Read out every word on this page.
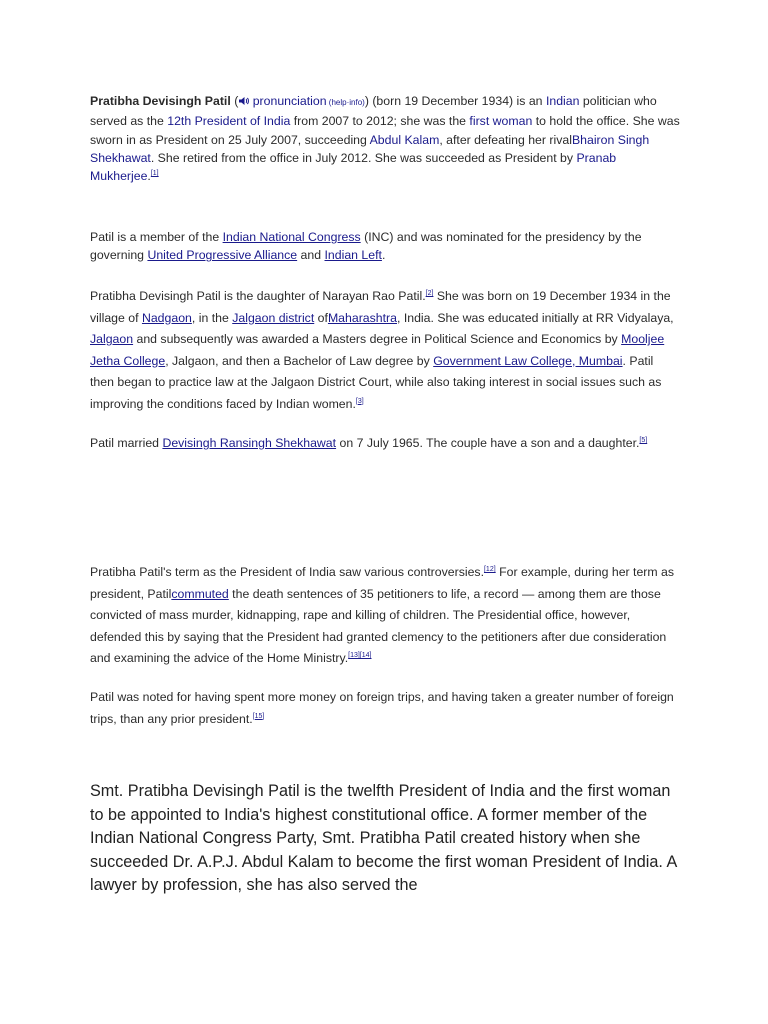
Pratibha Devisingh Patil ( pronunciation (help·info)) (born 19 December 1934) is an Indian politician who served as the 12th President of India from 2007 to 2012; she was the first woman to hold the office. She was sworn in as President on 25 July 2007, succeeding Abdul Kalam, after defeating her rivalBhairon Singh Shekhawat. She retired from the office in July 2012. She was succeeded as President by Pranab Mukherjee.[1]

Patil is a member of the Indian National Congress (INC) and was nominated for the presidency by the governing United Progressive Alliance and Indian Left.

Pratibha Devisingh Patil is the daughter of Narayan Rao Patil.[2] She was born on 19 December 1934 in the village of Nadgaon, in the Jalgaon district ofMaharashtra, India. She was educated initially at RR Vidyalaya, Jalgaon and subsequently was awarded a Masters degree in Political Science and Economics by Mooljee Jetha College, Jalgaon, and then a Bachelor of Law degree by Government Law College, Mumbai. Patil then began to practice law at the Jalgaon District Court, while also taking interest in social issues such as improving the conditions faced by Indian women.[3]

Patil married Devisingh Ransingh Shekhawat on 7 July 1965. The couple have a son and a daughter.[5]

Pratibha Patil's term as the President of India saw various controversies.[12] For example, during her term as president, Patilcommuted the death sentences of 35 petitioners to life, a record — among them are those convicted of mass murder, kidnapping, rape and killing of children. The Presidential office, however, defended this by saying that the President had granted clemency to the petitioners after due consideration and examining the advice of the Home Ministry.[13][14]

Patil was noted for having spent more money on foreign trips, and having taken a greater number of foreign trips, than any prior president.[15]

Smt. Pratibha Devisingh Patil is the twelfth President of India and the first woman to be appointed to India's highest constitutional office. A former member of the Indian National Congress Party, Smt. Pratibha Patil created history when she succeeded Dr. A.P.J. Abdul Kalam to become the first woman President of India. A lawyer by profession, she has also served the
